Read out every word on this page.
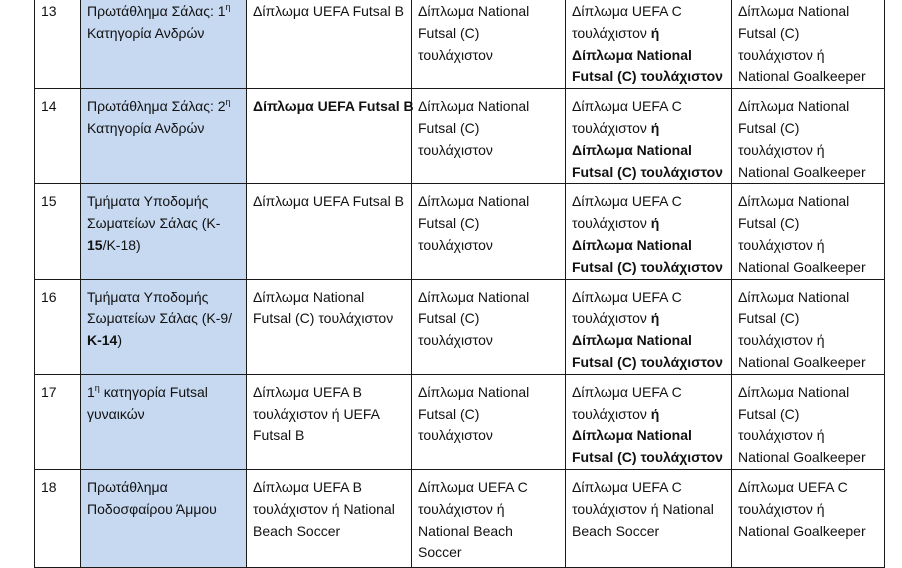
13	Πρωτάθλημα Σάλας: $1^\eta$
Κατηγορία Ανδρών	Δίπλωμα UEFA Futsal B	Δίπλωμα National
Futsal (C)
τουλάχιστον	Δίπλωμα UEFA C
τουλάχιστον ή
Δίπλωμα National
Futsal (C) τουλάχιστον	Δίπλωμα National
Futsal (C)
τουλάχιστον ή
National Goalkeeper

14	Πρωτάθλημα Σάλας: $2^\eta$
Κατηγορία Ανδρών	Δίπλωμα UEFA Futsal B	Δίπλωμα National
Futsal (C)
τουλάχιστον	Δίπλωμα UEFA C
τουλάχιστον ή
Δίπλωμα National
Futsal (C) τουλάχιστον	Δίπλωμα National
Futsal (C)
τουλάχιστον ή
National Goalkeeper

15	Τμήματα Υποδομής
Σωματείων Σάλας (Κ-
15/Κ-18)	Δίπλωμα UEFA Futsal B	Δίπλωμα National
Futsal (C)
τουλάχιστον	Δίπλωμα UEFA C
τουλάχιστον ή
Δίπλωμα National
Futsal (C) τουλάχιστον	Δίπλωμα National
Futsal (C)
τουλάχιστον ή
National Goalkeeper

16	Τμήματα Υποδομής
Σωματείων Σάλας (Κ-9/
Κ-14)	Δίπλωμα National
Futsal (C) τουλάχιστον	Δίπλωμα National
Futsal (C)
τουλάχιστον	Δίπλωμα UEFA C
τουλάχιστον ή
Δίπλωμα National
Futsal (C) τουλάχιστον	Δίπλωμα National
Futsal (C)
τουλάχιστον ή
National Goalkeeper

17	$1^\eta$ κατηγορία Futsal
γυναικών	Δίπλωμα UEFA B
τουλάχιστον ή UEFA
Futsal B	Δίπλωμα National
Futsal (C)
τουλάχιστον	Δίπλωμα UEFA C
τουλάχιστον ή
Δίπλωμα National
Futsal (C) τουλάχιστον	Δίπλωμα National
Futsal (C)
τουλάχιστον ή
National Goalkeeper

18	Πρωτάθλημα
Ποδοσφαίρου Άμμου	Δίπλωμα UEFA B
τουλάχιστον ή National
Beach Soccer	Δίπλωμα UEFA C
τουλάχιστον ή
National Beach
Soccer	Δίπλωμα UEFA C
τουλάχιστον ή National
Beach Soccer	Δίπλωμα UEFA C
τουλάχιστον ή
National Goalkeeper
